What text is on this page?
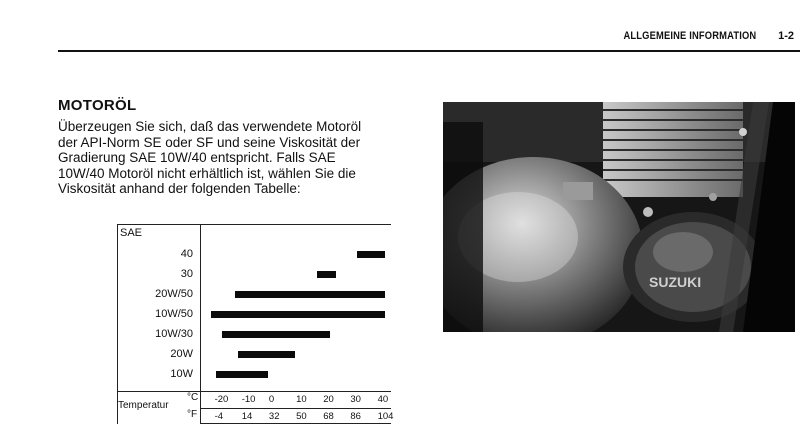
ALLGEMEINE INFORMATION 1-2
MOTORÖL
Überzeugen Sie sich, daß das verwendete Motoröl
der API-Norm SE oder SF und seine Viskosität der
Gradierung SAE 10W/40 entspricht. Falls SAE
10W/40 Motoröl nicht erhältlich ist, wählen Sie die
Viskosität anhand der folgenden Tabelle:
SAE
Temperatur
°C
°F
40
30
20W/50
10W/50
10W/30
20W
10W
-20 -10 0 10 20 30 40
-4 14 32 50 68 86 104
SUZUKI
